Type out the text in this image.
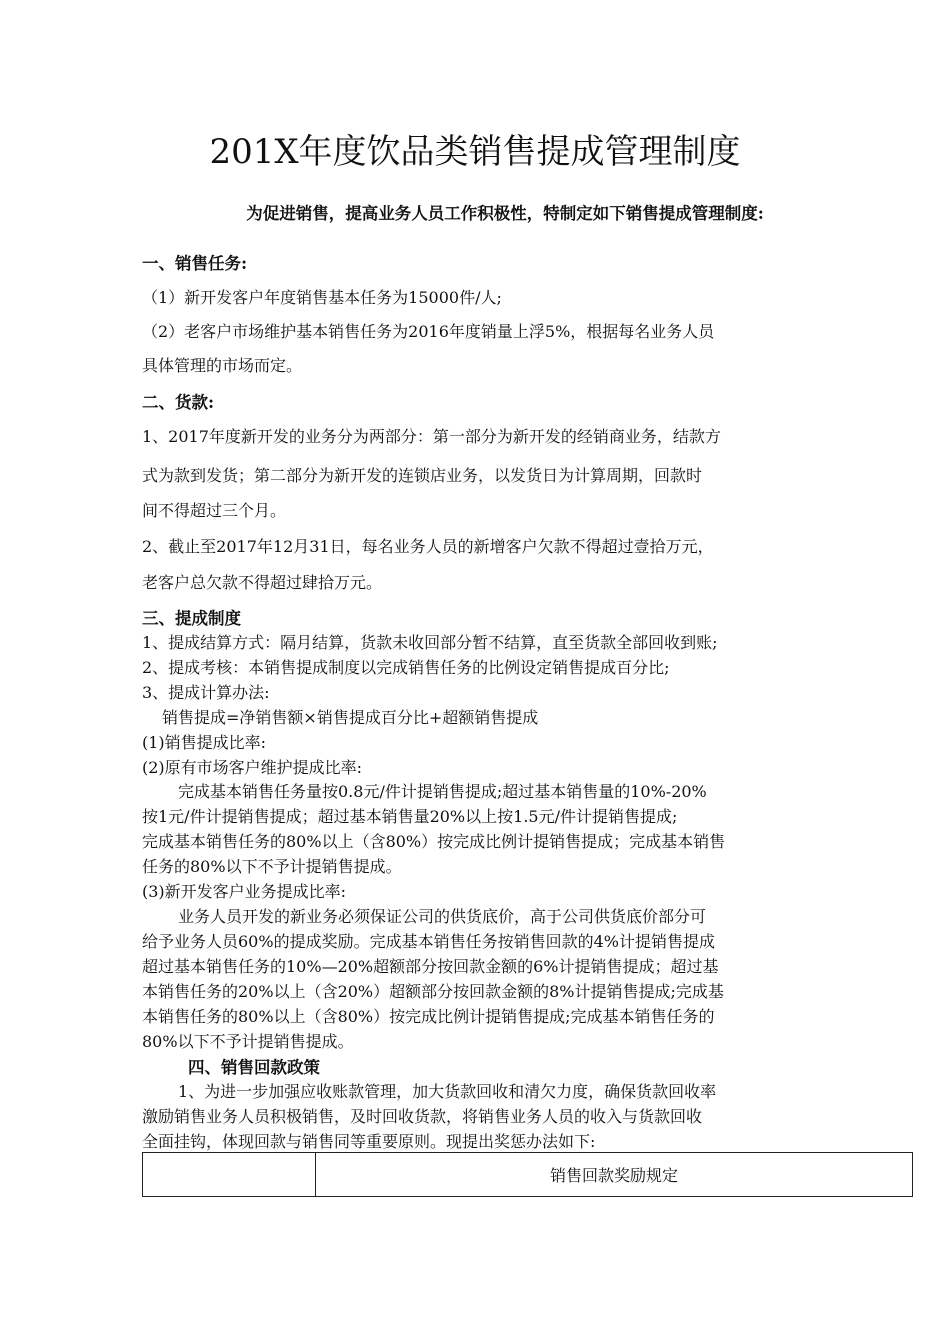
201X年度饮品类销售提成管理制度
为促进销售，提高业务人员工作积极性，特制定如下销售提成管理制度:
一、销售任务:
（1）新开发客户年度销售基本任务为15000件/人;
（2）老客户市场维护基本销售任务为2016年度销量上浮5%，根据每名业务人员
具体管理的市场而定。
二、货款:
1、2017年度新开发的业务分为两部分：第一部分为新开发的经销商业务，结款方
式为款到发货；第二部分为新开发的连锁店业务，以发货日为计算周期，回款时
间不得超过三个月。
2、截止至2017年12月31日，每名业务人员的新增客户欠款不得超过壹拾万元，
老客户总欠款不得超过肆拾万元。
三、提成制度
1、提成结算方式：隔月结算，货款未收回部分暂不结算，直至货款全部回收到账;
2、提成考核：本销售提成制度以完成销售任务的比例设定销售提成百分比;
3、提成计算办法:
销售提成=净销售额×销售提成百分比+超额销售提成
(1)销售提成比率:
(2)原有市场客户维护提成比率:
完成基本销售任务量按0.8元/件计提销售提成;超过基本销售量的10%-20%
按1元/件计提销售提成；超过基本销售量20%以上按1.5元/件计提销售提成;
完成基本销售任务的80%以上（含80%）按完成比例计提销售提成；完成基本销售
任务的80%以下不予计提销售提成。
(3)新开发客户业务提成比率:
业务人员开发的新业务必须保证公司的供货底价，高于公司供货底价部分可
给予业务人员60%的提成奖励。完成基本销售任务按销售回款的4%计提销售提成
超过基本销售任务的10%—20%超额部分按回款金额的6%计提销售提成；超过基
本销售任务的20%以上（含20%）超额部分按回款金额的8%计提销售提成;完成基
本销售任务的80%以上（含80%）按完成比例计提销售提成;完成基本销售任务的
80%以下不予计提销售提成。
四、销售回款政策
1、为进一步加强应收账款管理，加大货款回收和清欠力度，确保货款回收率
激励销售业务人员积极销售，及时回收货款，将销售业务人员的收入与货款回收
全面挂钩，体现回款与销售同等重要原则。现提出奖惩办法如下:
	销售回款奖励规定
